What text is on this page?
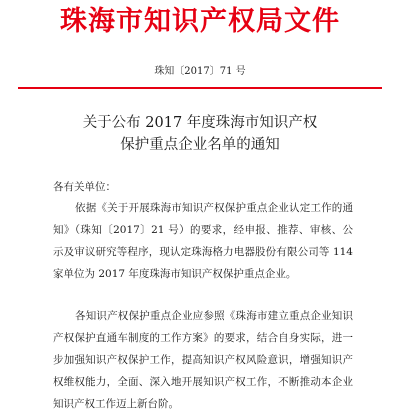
珠海市知识产权局文件
珠知〔2017〕71 号
关于公布 2017 年度珠海市知识产权
保护重点企业名单的通知
各有关单位：
依据《关于开展珠海市知识产权保护重点企业认定工作的通知》（珠知〔2017〕21 号）的要求，经申报、推荐、审核、公示及审议研究等程序，现认定珠海格力电器股份有限公司等 114 家单位为 2017 年度珠海市知识产权保护重点企业。
各知识产权保护重点企业应参照《珠海市建立重点企业知识产权保护直通车制度的工作方案》的要求，结合自身实际，进一步加强知识产权保护工作，提高知识产权风险意识，增强知识产权维权能力，全面、深入地开展知识产权工作，不断推动本企业知识产权工作迈上新台阶。
